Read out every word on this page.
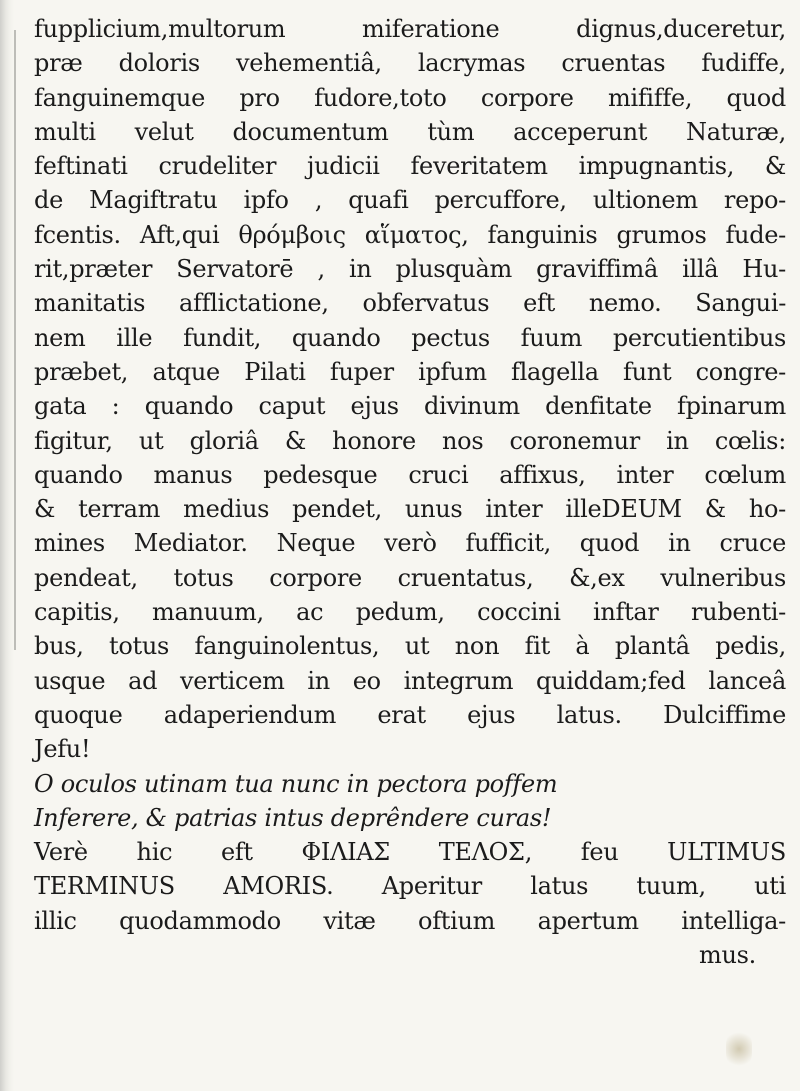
fupplicium,multorum miferatione dignus,duceretur,
præ doloris vehementiâ, lacrymas cruentas fudiffe,
fanguinemque pro fudore,toto corpore mififfe, quod
multi velut documentum tùm acceperunt Naturæ,
feftinati crudeliter judicii feveritatem impugnantis, &
de Magiftratu ipfo , quafi percuffore, ultionem repo-
fcentis. Aft,qui θρόμβοις αἵματος, fanguinis grumos fude-
rit,præter Servatorē , in plusquàm graviffimâ illâ Hu-
manitatis afflictatione, obfervatus eft nemo. Sangui-
nem ille fundit, quando pectus fuum percutientibus
præbet, atque Pilati fuper ipfum flagella funt congre-
gata : quando caput ejus divinum denfitate fpinarum
figitur, ut gloriâ & honore nos coronemur in cœlis:
quando manus pedesque cruci affixus, inter cœlum
& terram medius pendet, unus inter illeDEUM & ho-
mines Mediator. Neque verò fufficit, quod in cruce
pendeat, totus corpore cruentatus, &,ex vulneribus
capitis, manuum, ac pedum, coccini inftar rubenti-
bus, totus fanguinolentus, ut non fit à plantâ pedis,
usque ad verticem in eo integrum quiddam;fed lanceâ
quoque adaperiendum erat ejus latus. Dulciffime
Jefu!
O oculos utinam tua nunc in pectora poffem
Inferere, & patrias intus deprêndere curas!
Verè hic eft ΦΙΛΙΑΣ ΤΕΛΟΣ, feu ULTIMUS
TERMINUS AMORIS. Aperitur latus tuum, uti
illic quodammodo vitæ oftium apertum intelliga-
mus.
